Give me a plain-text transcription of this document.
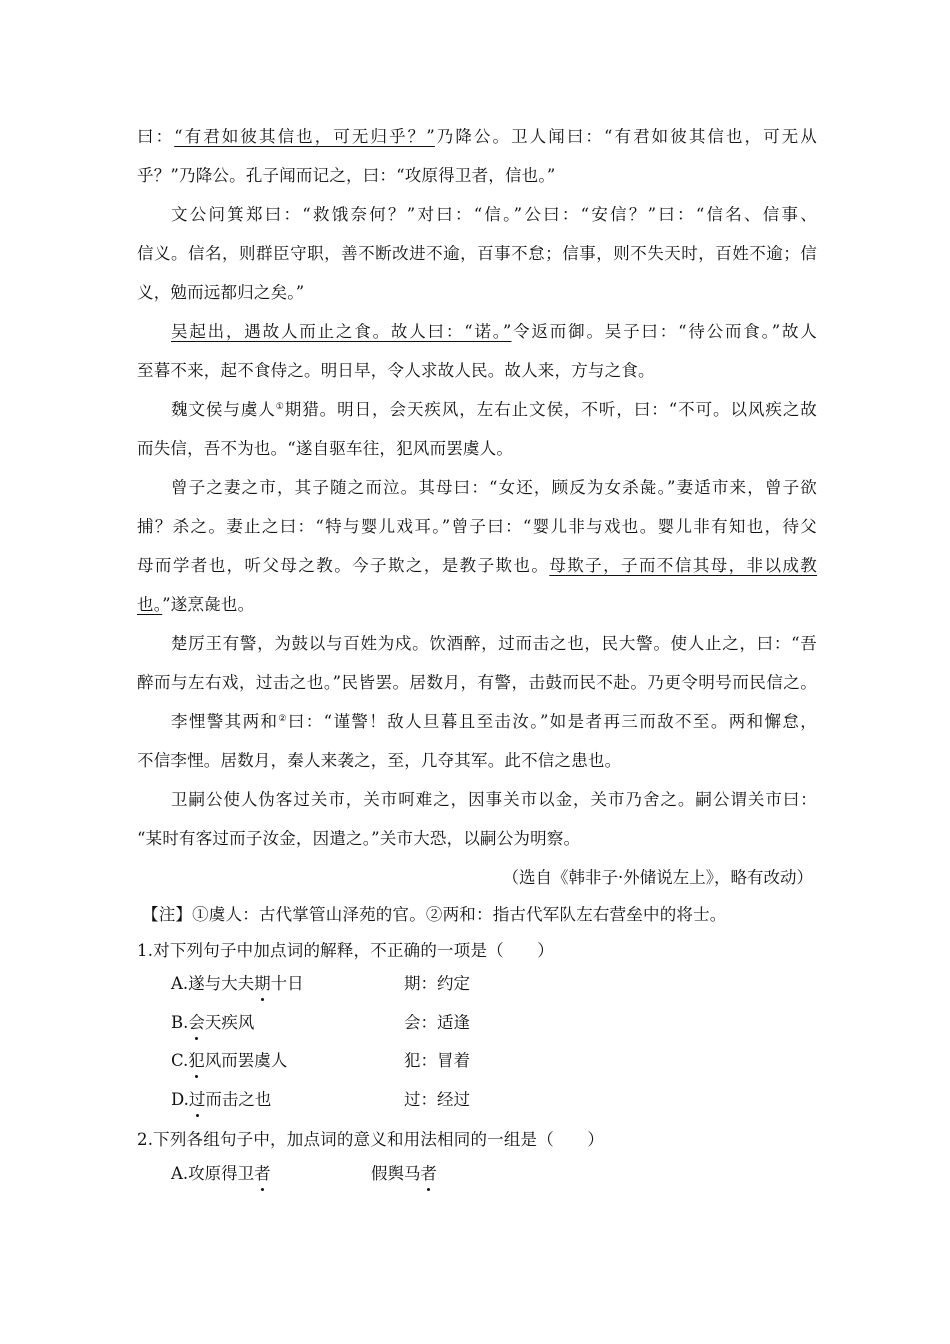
曰：“有君如彼其信也，可无归乎？”乃降公。卫人闻曰：“有君如彼其信也，可无从
乎？”乃降公。孔子闻而记之，曰：“攻原得卫者，信也。”
文公问箕郑曰：“救饿奈何？”对曰：“信。”公曰：“安信？”曰：“信名、信事、
信义。信名，则群臣守职，善不断改进不逾，百事不怠；信事，则不失天时，百姓不逾；信
义，勉而远都归之矣。”
吴起出，遇故人而止之食。故人曰：“诺。”令返而御。吴子曰：“待公而食。”故人
至暮不来，起不食侍之。明日早，令人求故人民。故人来，方与之食。
魏文侯与虞人①期猎。明日，会天疾风，左右止文侯，不听，曰：“不可。以风疾之故
而失信，吾不为也。“遂自驱车往，犯风而罢虞人。
曾子之妻之市，其子随之而泣。其母曰：“女还，顾反为女杀彘。”妻适市来，曾子欲
捕？杀之。妻止之曰：“特与婴儿戏耳。”曾子曰：“婴儿非与戏也。婴儿非有知也，待父
母而学者也，听父母之教。今子欺之，是教子欺也。母欺子，子而不信其母，非以成教
也。”遂烹彘也。
楚厉王有警，为鼓以与百姓为戍。饮酒醉，过而击之也，民大警。使人止之，曰：“吾
醉而与左右戏，过击之也。”民皆罢。居数月，有警，击鼓而民不赴。乃更令明号而民信之。
李悝警其两和②曰：“谨警！敌人旦暮且至击汝。”如是者再三而敌不至。两和懈怠，
不信李悝。居数月，秦人来袭之，至，几夺其军。此不信之患也。
卫嗣公使人伪客过关市，关市呵难之，因事关市以金，关市乃舍之。嗣公谓关市曰：
“某时有客过而子汝金，因遣之。”关市大恐，以嗣公为明察。
（选自《韩非子·外储说左上》，略有改动）
【注】①虞人：古代掌管山泽苑的官。②两和：指古代军队左右营垒中的将士。
1.对下列句子中加点词的解释，不正确的一项是（　　）
A.遂与大夫期十日	期：约定
B.会天疾风	会：适逢
C.犯风而罢虞人	犯：冒着
D.过而击之也	过：经过
2.下列各组句子中，加点词的意义和用法相同的一组是（　　）
A.攻原得卫者	假舆马者
